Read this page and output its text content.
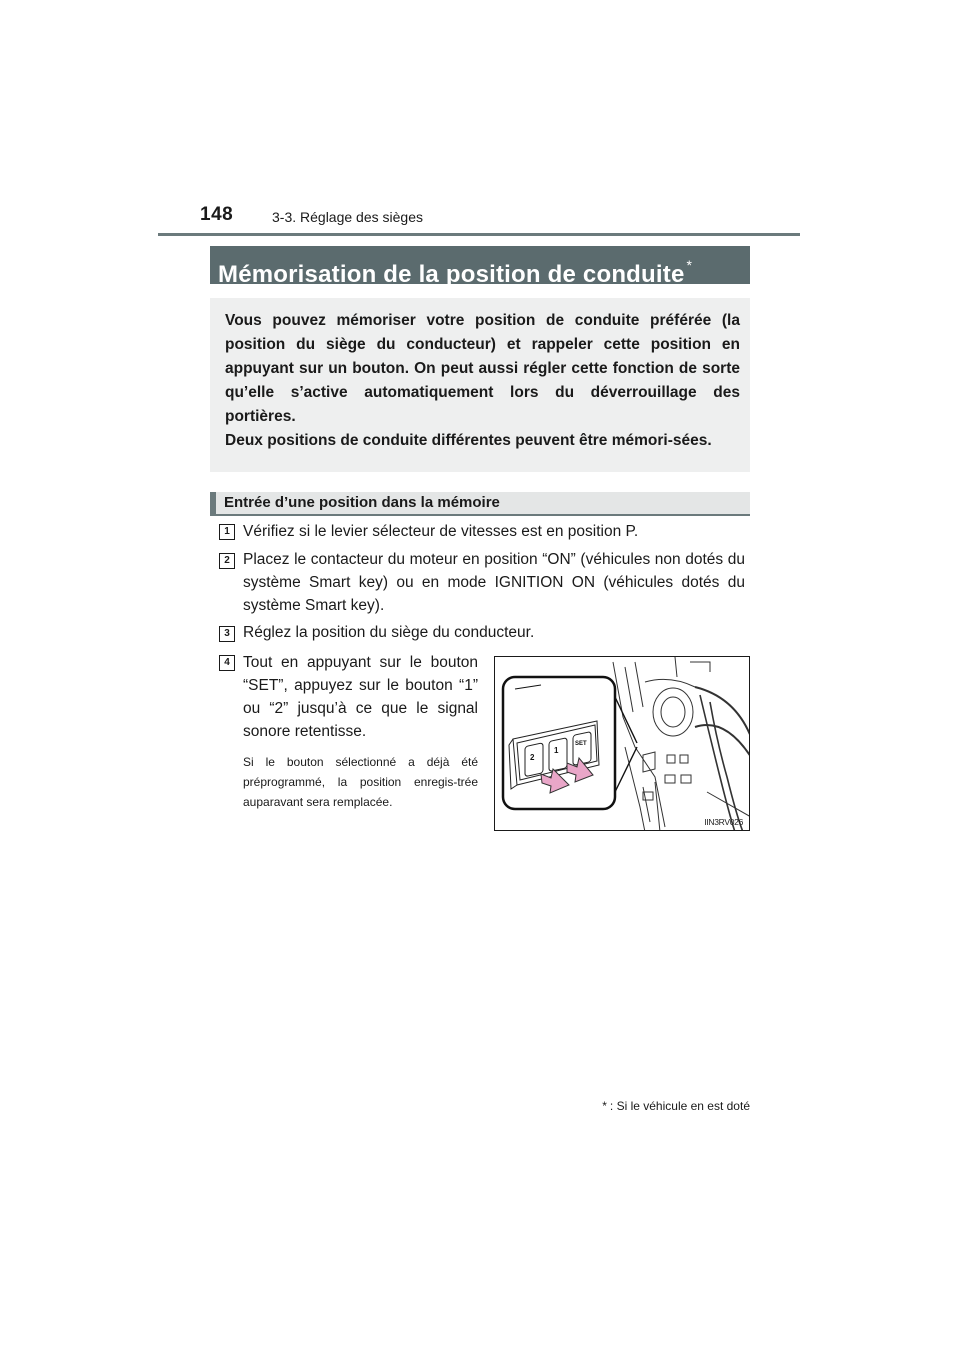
148	3-3. Réglage des sièges
Mémorisation de la position de conduite *

Vous pouvez mémoriser votre position de conduite préférée (la position du siège du conducteur) et rappeler cette position en appuyant sur un bouton. On peut aussi régler cette fonction de sorte qu’elle s’active automatiquement lors du déverrouillage des portières.

Deux positions de conduite différentes peuvent être mémori-sées.

Entrée d’une position dans la mémoire
1 Vérifiez si le levier sélecteur de vitesses est en position P.
2 Placez le contacteur du moteur en position “ON” (véhicules non dotés du système Smart key) ou en mode IGNITION ON (véhicules dotés du système Smart key).
3 Réglez la position du siège du conducteur.
4 Tout en appuyant sur le bouton “SET”, appuyez sur le bouton “1” ou “2” jusqu’à ce que le signal sonore retentisse.
Si le bouton sélectionné a déjà été préprogrammé, la position enregis-trée auparavant sera remplacée.
2
1
SET
IIN3RV026
* : Si le véhicule en est doté
